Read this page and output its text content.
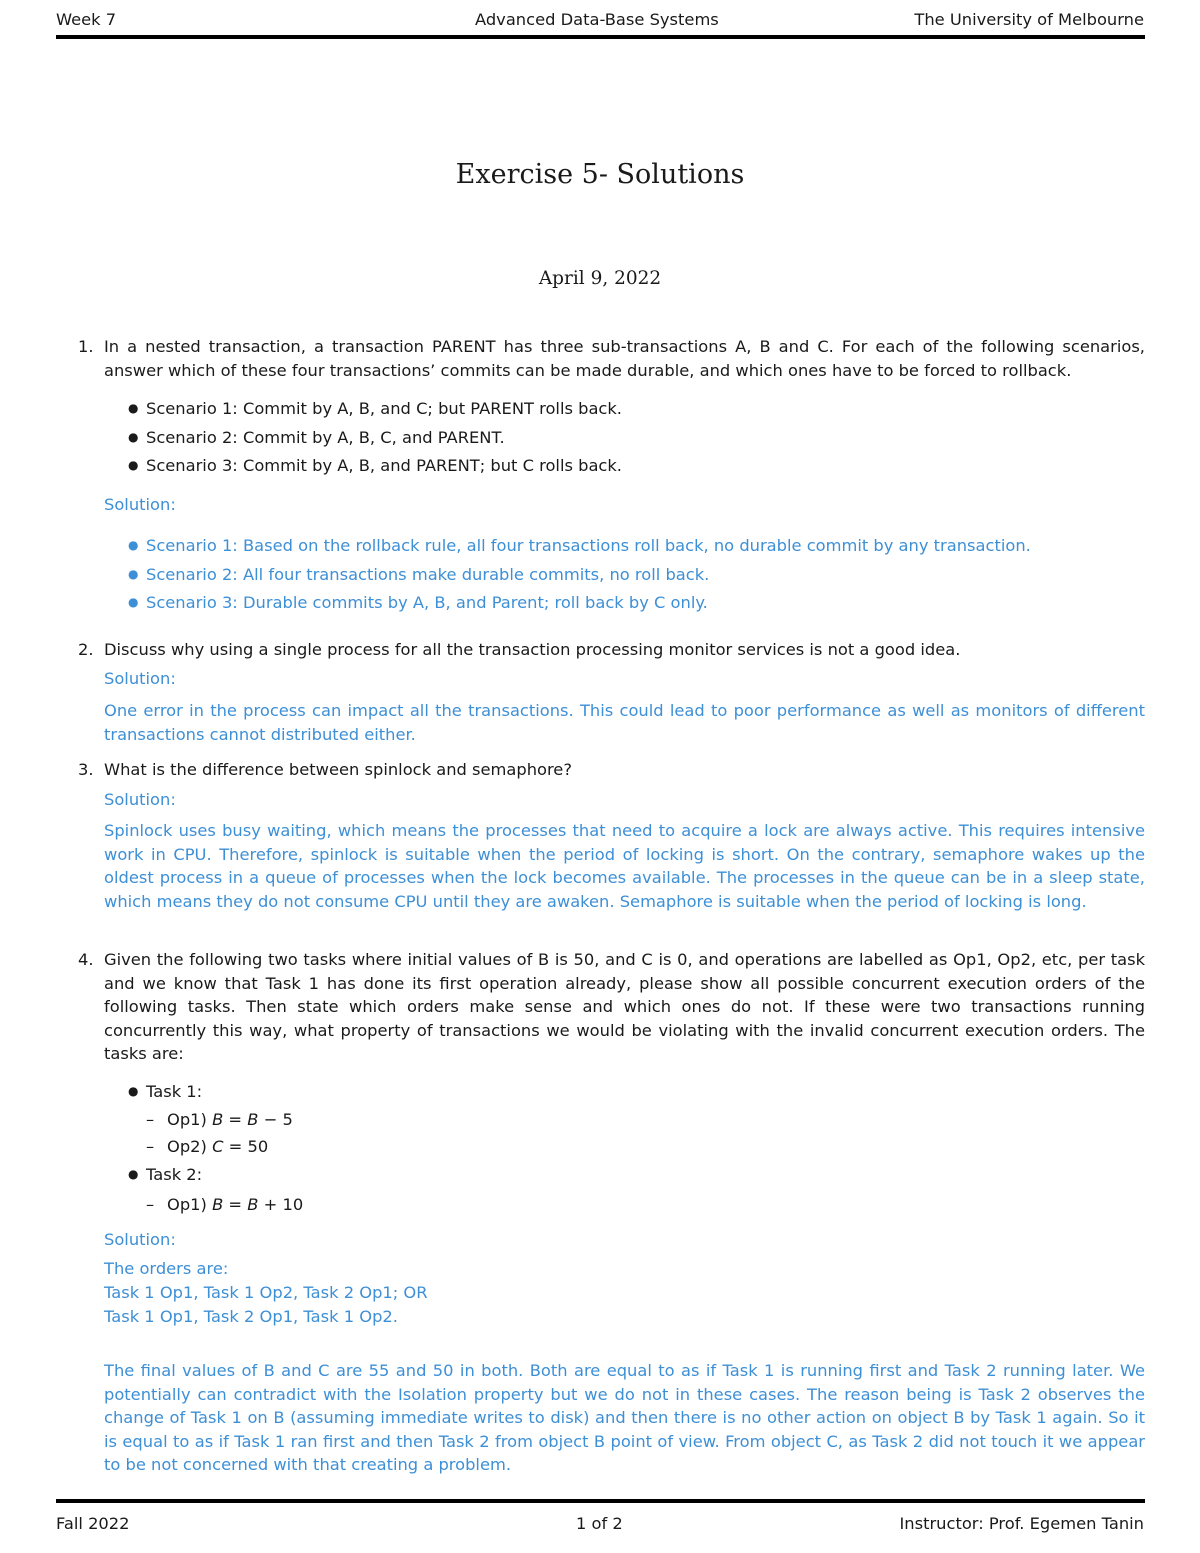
Week 7	Advanced Data-Base Systems	The University of Melbourne
Exercise 5- Solutions
April 9, 2022
1. In a nested transaction, a transaction PARENT has three sub-transactions A, B and C. For each of the following scenarios, answer which of these four transactions’ commits can be made durable, and which ones have to be forced to rollback.
● Scenario 1: Commit by A, B, and C; but PARENT rolls back.
● Scenario 2: Commit by A, B, C, and PARENT.
● Scenario 3: Commit by A, B, and PARENT; but C rolls back.
Solution:
● Scenario 1: Based on the rollback rule, all four transactions roll back, no durable commit by any transaction.
● Scenario 2: All four transactions make durable commits, no roll back.
● Scenario 3: Durable commits by A, B, and Parent; roll back by C only.
2. Discuss why using a single process for all the transaction processing monitor services is not a good idea.
Solution:
One error in the process can impact all the transactions. This could lead to poor performance as well as monitors of different transactions cannot distributed either.
3. What is the difference between spinlock and semaphore?
Solution:
Spinlock uses busy waiting, which means the processes that need to acquire a lock are always active. This requires intensive work in CPU. Therefore, spinlock is suitable when the period of locking is short. On the contrary, semaphore wakes up the oldest process in a queue of processes when the lock becomes available. The processes in the queue can be in a sleep state, which means they do not consume CPU until they are awaken. Semaphore is suitable when the period of locking is long.
4. Given the following two tasks where initial values of B is 50, and C is 0, and operations are labelled as Op1, Op2, etc, per task and we know that Task 1 has done its first operation already, please show all possible concurrent execution orders of the following tasks. Then state which orders make sense and which ones do not. If these were two transactions running concurrently this way, what property of transactions we would be violating with the invalid concurrent execution orders. The tasks are:
● Task 1:
– Op1) B = B − 5
– Op2) C = 50
● Task 2:
– Op1) B = B + 10
Solution:
The orders are:
Task 1 Op1, Task 1 Op2, Task 2 Op1; OR
Task 1 Op1, Task 2 Op1, Task 1 Op2.
The final values of B and C are 55 and 50 in both. Both are equal to as if Task 1 is running first and Task 2 running later. We potentially can contradict with the Isolation property but we do not in these cases. The reason being is Task 2 observes the change of Task 1 on B (assuming immediate writes to disk) and then there is no other action on object B by Task 1 again. So it is equal to as if Task 1 ran first and then Task 2 from object B point of view. From object C, as Task 2 did not touch it we appear to be not concerned with that creating a problem.
Fall 2022	1 of 2	Instructor: Prof. Egemen Tanin
